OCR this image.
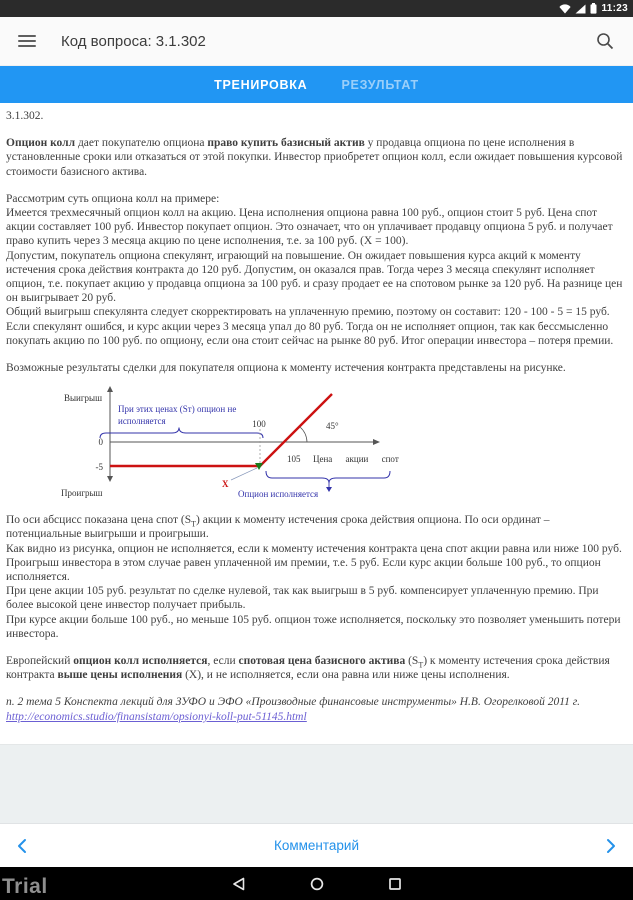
11:23
Код вопроса: 3.1.302
ТРЕНИРОВКА	РЕЗУЛЬТАТ

3.1.302.

Опцион колл дает покупателю опциона право купить базисный актив у продавца опциона по цене исполнения в установленные сроки или отказаться от этой покупки. Инвестор приобретет опцион колл, если ожидает повышения курсовой стоимости базисного актива.

Рассмотрим суть опциона колл на примере:

Имеется трехмесячный опцион колл на акцию. Цена исполнения опциона равна 100 руб., опцион стоит 5 руб. Цена спот акции составляет 100 руб. Инвестор покупает опцион. Это означает, что он уплачивает продавцу опциона 5 руб. и получает право купить через 3 месяца акцию по цене исполнения, т.е. за 100 руб. (X = 100).

Допустим, покупатель опциона спекулянт, играющий на повышение. Он ожидает повышения курса акций к моменту истечения срока действия контракта до 120 руб. Допустим, он оказался прав. Тогда через 3 месяца спекулянт исполняет опцион, т.е. покупает акцию у продавца опциона за 100 руб. и сразу продает ее на спотовом рынке за 120 руб. На разнице цен он выигрывает 20 руб.

Общий выигрыш спекулянта следует скорректировать на уплаченную премию, поэтому он составит: 120 - 100 - 5 = 15 руб.

Если спекулянт ошибся, и курс акции через 3 месяца упал до 80 руб. Тогда он не исполняет опцион, так как бессмысленно покупать акцию по 100 руб. по опциону, если она стоит сейчас на рынке 80 руб. Итог операции инвестора – потеря премии.

Возможные результаты сделки для покупателя опциона к моменту истечения контракта представлены на рисунке.

Выигрыш
Проигрыш
0
-5
При этих ценах (Sт) опцион не
исполняется	100	45°
105 Цена акции спот
Опцион исполняется
X

По оси абсцисс показана цена спот $(S_T)$ акции к моменту истечения срока действия опциона. По оси ординат – потенциальные выигрыши и проигрыши.

Как видно из рисунка, опцион не исполняется, если к моменту истечения контракта цена спот акции равна или ниже 100 руб. Проигрыш инвестора в этом случае равен уплаченной им премии, т.е. 5 руб. Если курс акции больше 100 руб., то опцион исполняется.

При цене акции 105 руб. результат по сделке нулевой, так как выигрыш в 5 руб. компенсирует уплаченную премию. При более высокой цене инвестор получает прибыль.

При курсе акции больше 100 руб., но меньше 105 руб. опцион тоже исполняется, поскольку это позволяет уменьшить потери инвестора.

Европейский опцион колл исполняется, если спотовая цена базисного актива $(S_T)$ к моменту истечения срока действия контракта выше цены исполнения (X), и не исполняется, если она равна или ниже цены исполнения.

п. 2 тема 5 Конспекта лекций для ЗУФО и ЭФО «Производные финансовые инструменты» Н.В. Огорелковой 2011 г.

http://economics.studio/finansistam/opsionyi-koll-put-51145.html
Комментарий
Trial
